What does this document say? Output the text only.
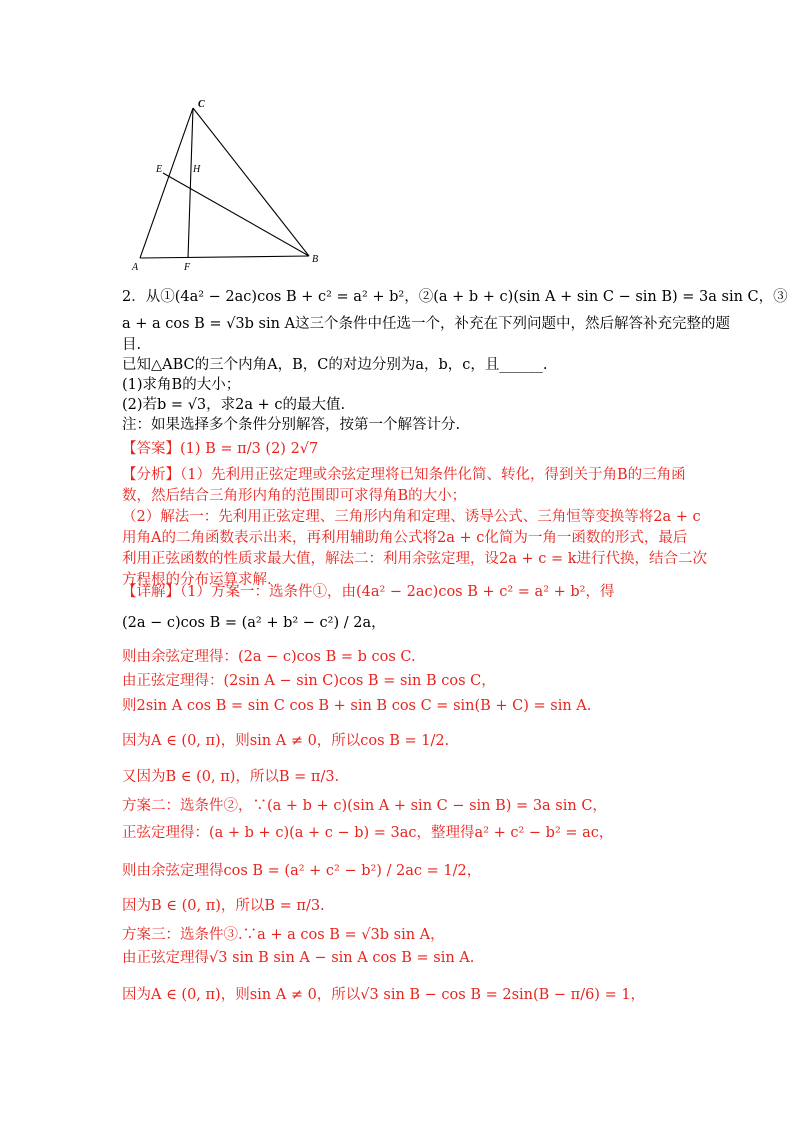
C
E	H
A	F
B
2．从①(4a² − 2ac)cos B + c² = a² + b²，②(a + b + c)(sin A + sin C − sin B) = 3a sin C，③
a + a cos B = √3b sin A这三个条件中任选一个，补充在下列问题中，然后解答补充完整的题
目.
已知△ABC的三个内角A，B，C的对边分别为a，b，c，且______.
(1)求角B的大小；
(2)若b = √3，求2a + c的最大值.
注：如果选择多个条件分别解答，按第一个解答计分.
【答案】(1) B = π/3 (2) 2√7
【分析】（1）先利用正弦定理或余弦定理将已知条件化简、转化，得到关于角B的三角函
数，然后结合三角形内角的范围即可求得角B的大小；
（2）解法一：先利用正弦定理、三角形内角和定理、诱导公式、三角恒等变换等将2a + c
用角A的二角函数表示出来，再利用辅助角公式将2a + c化简为一角一函数的形式，最后
利用正弦函数的性质求最大值，解法二：利用余弦定理，设2a + c = k进行代换，结合二次
方程根的分布运算求解.
【详解】（1）方案一：选条件①，由(4a² − 2ac)cos B + c² = a² + b²，得
(2a − c)cos B = (a² + b² − c²) / 2a，
则由余弦定理得：(2a − c)cos B = b cos C.
由正弦定理得：(2sin A − sin C)cos B = sin B cos C，
则2sin A cos B = sin C cos B + sin B cos C = sin(B + C) = sin A.
因为A ∈ (0, π)，则sin A ≠ 0，所以cos B = 1/2.
又因为B ∈ (0, π)，所以B = π/3.
方案二：选条件②，∵(a + b + c)(sin A + sin C − sin B) = 3a sin C，
正弦定理得：(a + b + c)(a + c − b) = 3ac，整理得a² + c² − b² = ac，
则由余弦定理得cos B = (a² + c² − b²) / 2ac = 1/2，
因为B ∈ (0, π)，所以B = π/3.
方案三：选条件③.∵a + a cos B = √3b sin A，
由正弦定理得√3 sin B sin A − sin A cos B = sin A.
因为A ∈ (0, π)，则sin A ≠ 0，所以√3 sin B − cos B = 2sin(B − π/6) = 1，
